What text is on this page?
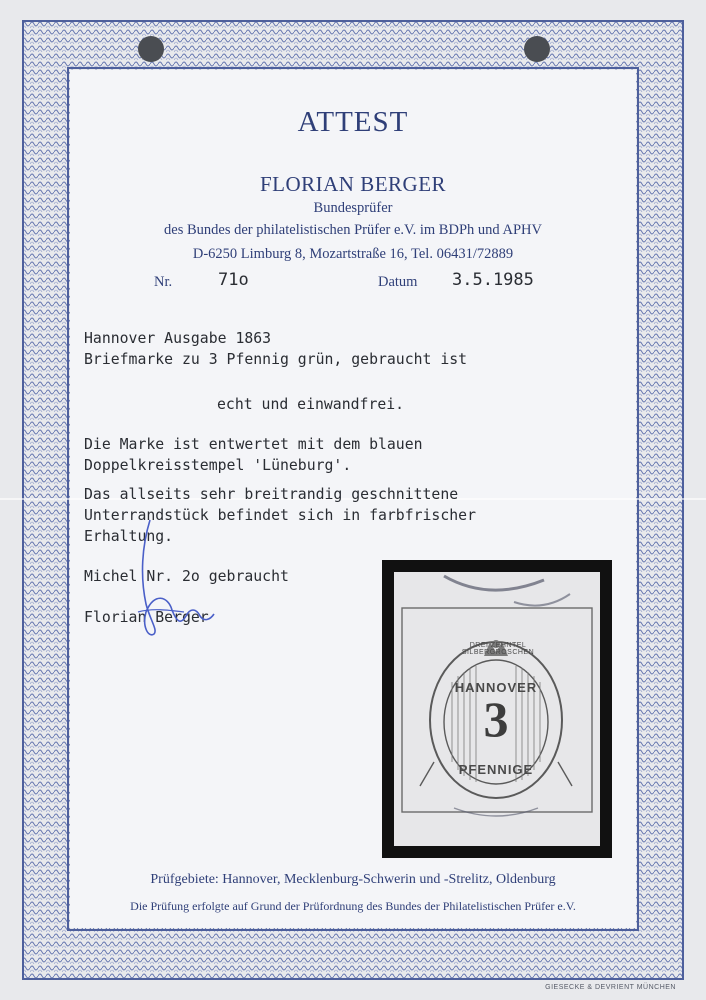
ATTEST
FLORIAN BERGER
Bundesprüfer
des Bundes der philatelistischen Prüfer e.V. im BDPh und APHV
D-6250 Limburg 8, Mozartstraße 16, Tel. 06431/72889
Nr.	71o	Datum 3.5.1985
Hannover Ausgabe 1863
Briefmarke zu 3 Pfennig grün, gebraucht ist
echt und einwandfrei.
Die Marke ist entwertet mit dem blauen
Doppelkreisstempel 'Lüneburg'.
Das allseits sehr breitrandig geschnittene
Unterrandstück befindet sich in farbfrischer
Erhaltung.
Michel Nr. 2o gebraucht
Florian Berger
DREI ZEHNTEL SILBERGROSCHEN
HANNOVER
3
PFENNIGE
Prüfgebiete: Hannover, Mecklenburg-Schwerin und -Strelitz, Oldenburg
Die Prüfung erfolgte auf Grund der Prüfordnung des Bundes der Philatelistischen Prüfer e.V.
GIESECKE & DEVRIENT MÜNCHEN
